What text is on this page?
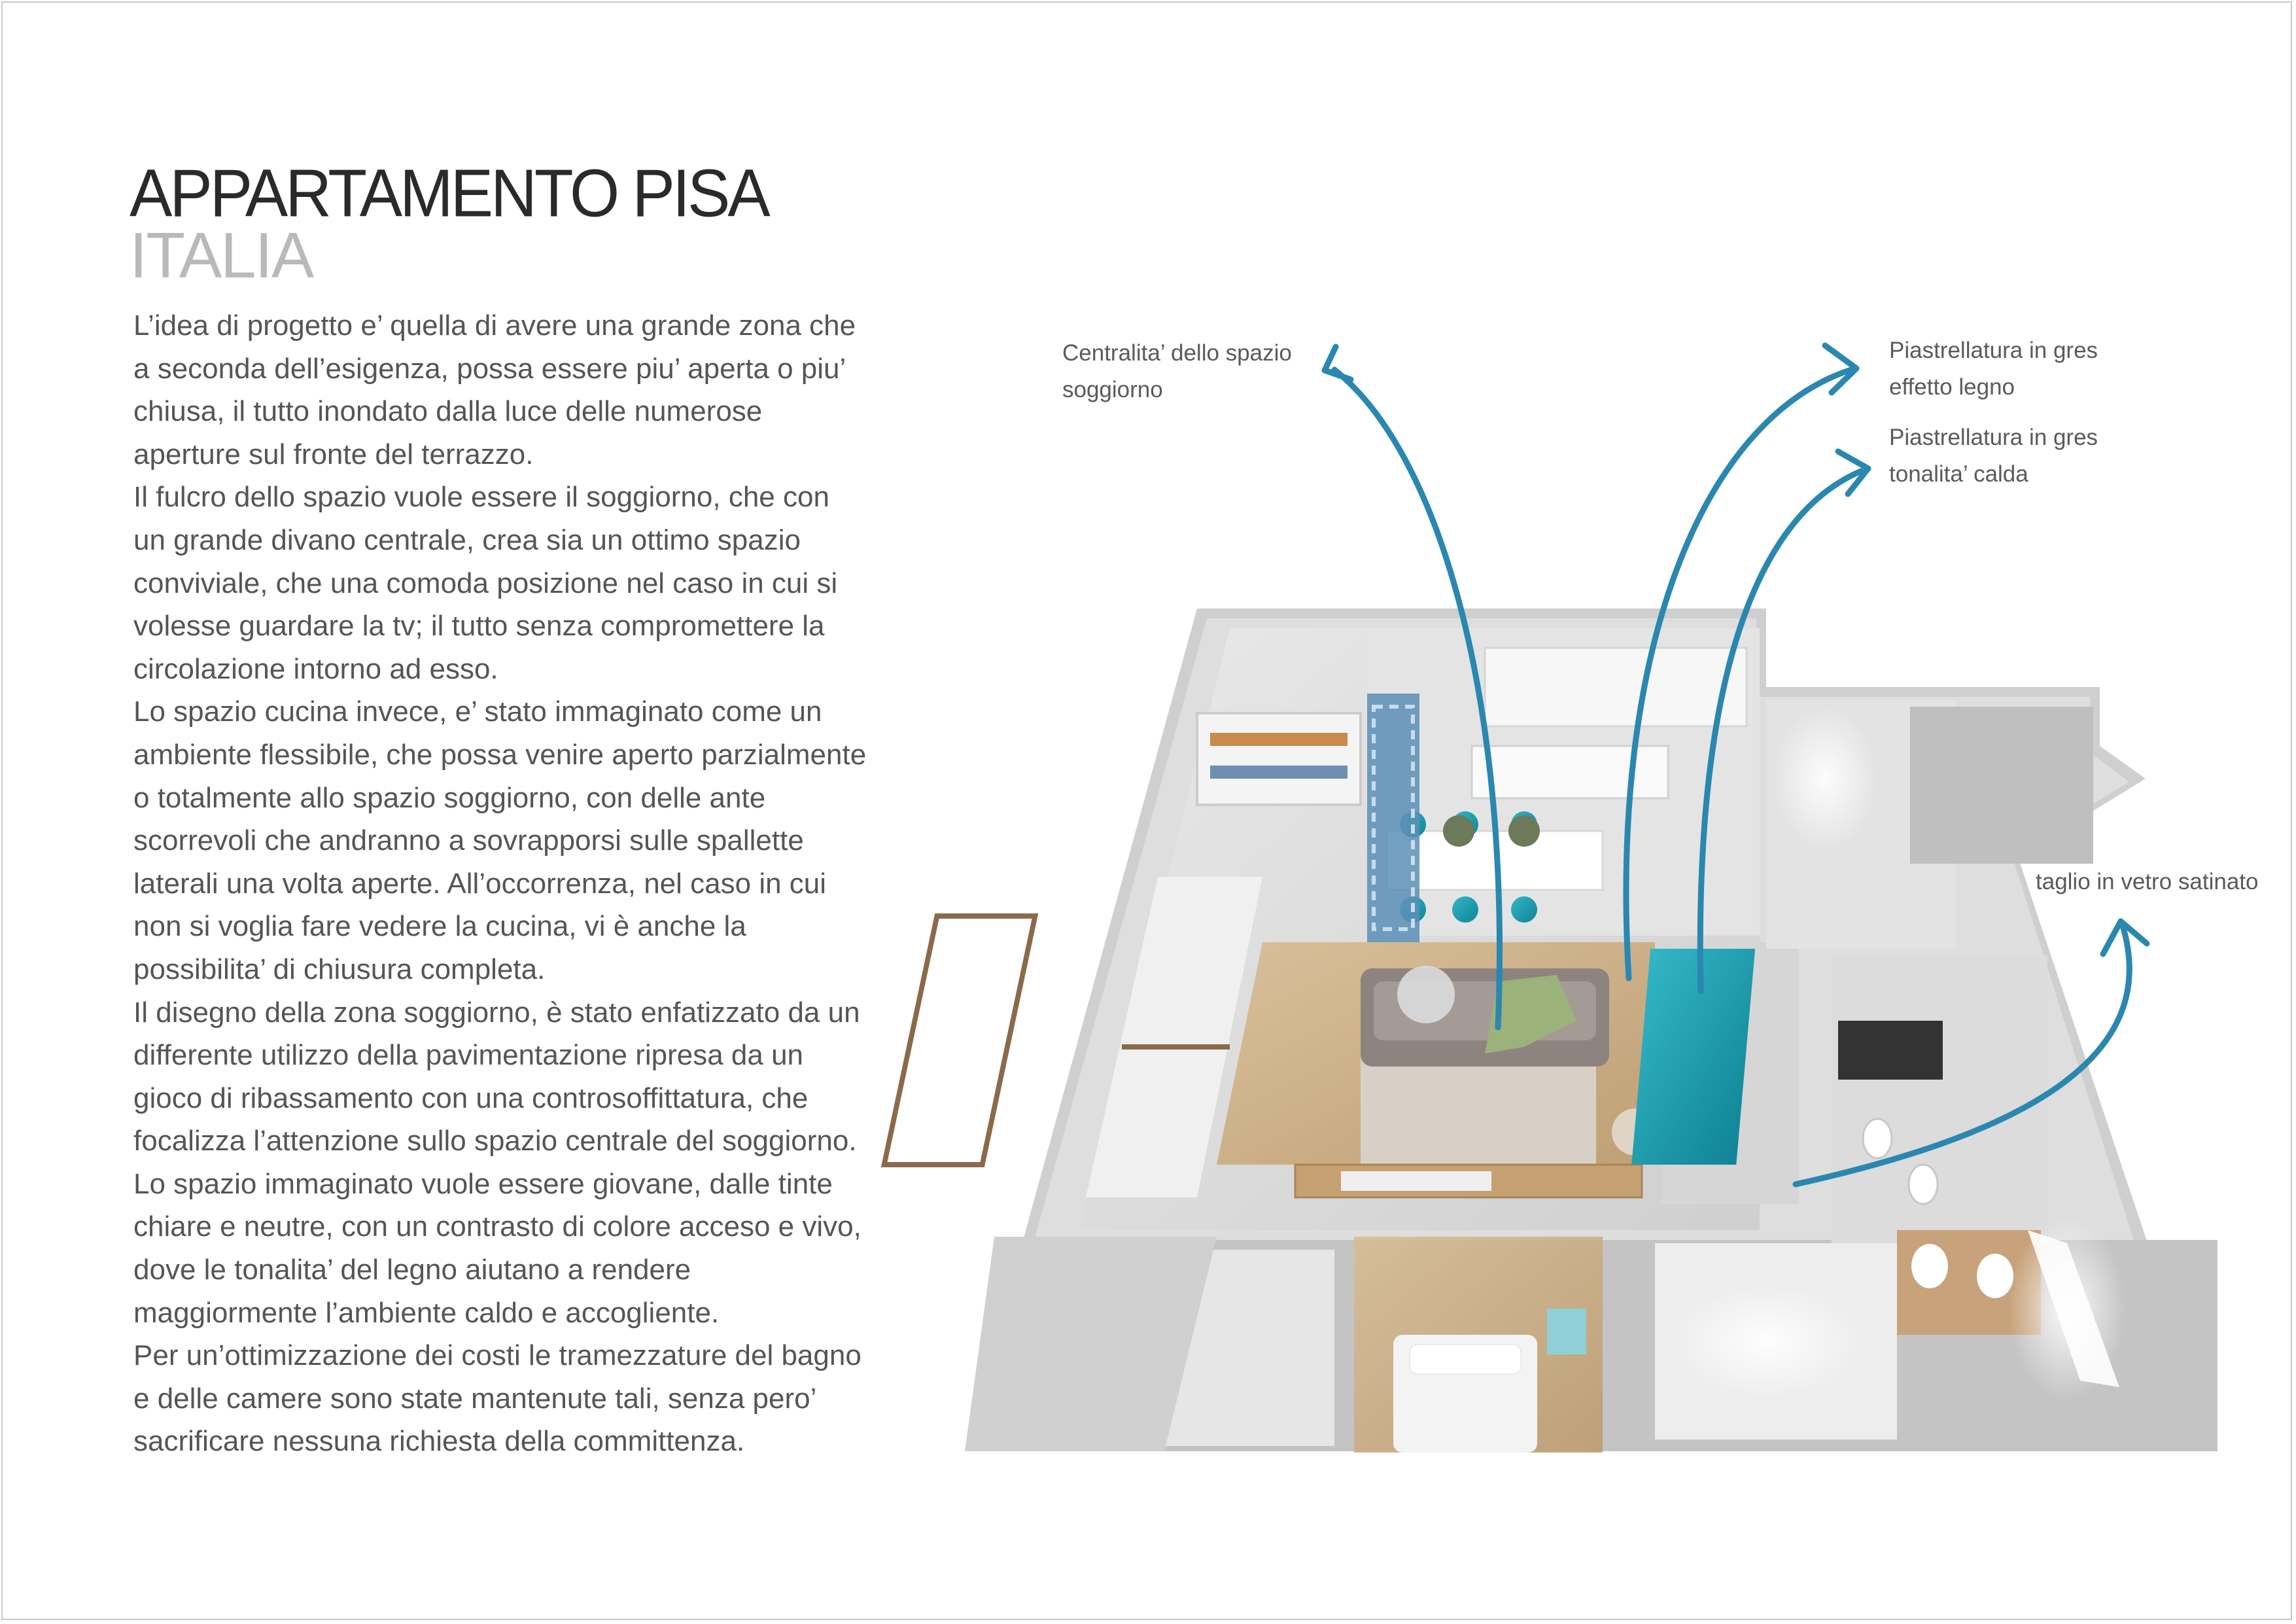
APPARTAMENTO PISA
ITALIA

L’idea di progetto e’ quella di avere una grande zona che

a seconda dell’esigenza, possa essere piu’ aperta o piu’

chiusa, il tutto inondato dalla luce delle numerose

aperture sul fronte del terrazzo.

Il fulcro dello spazio vuole essere il soggiorno, che con

un grande divano centrale, crea sia un ottimo spazio

conviviale, che una comoda posizione nel caso in cui si

volesse guardare la tv; il tutto senza compromettere la

circolazione intorno ad esso.

Lo spazio cucina invece, e’ stato immaginato come un

ambiente flessibile, che possa venire aperto parzialmente

o totalmente allo spazio soggiorno, con delle ante

scorrevoli che andranno a sovrapporsi sulle spallette

laterali una volta aperte. All’occorrenza, nel caso in cui

non si voglia fare vedere la cucina, vi è anche la

possibilita’ di chiusura completa.

Il disegno della zona soggiorno, è stato enfatizzato da un

differente utilizzo della pavimentazione ripresa da un

gioco di ribassamento con una controsoffittatura, che

focalizza l’attenzione sullo spazio centrale del soggiorno.

Lo spazio immaginato vuole essere giovane, dalle tinte

chiare e neutre, con un contrasto di colore acceso e vivo,

dove le tonalita’ del legno aiutano a rendere

maggiormente l’ambiente caldo e accogliente.

Per un’ottimizzazione dei costi le tramezzature del bagno

e delle camere sono state mantenute tali, senza pero’

sacrificare nessuna richiesta della committenza.

Centralita’ dello spazio
soggiorno
Piastrellatura in gres
effetto legno
Piastrellatura in gres
tonalita’ calda
taglio in vetro satinato
